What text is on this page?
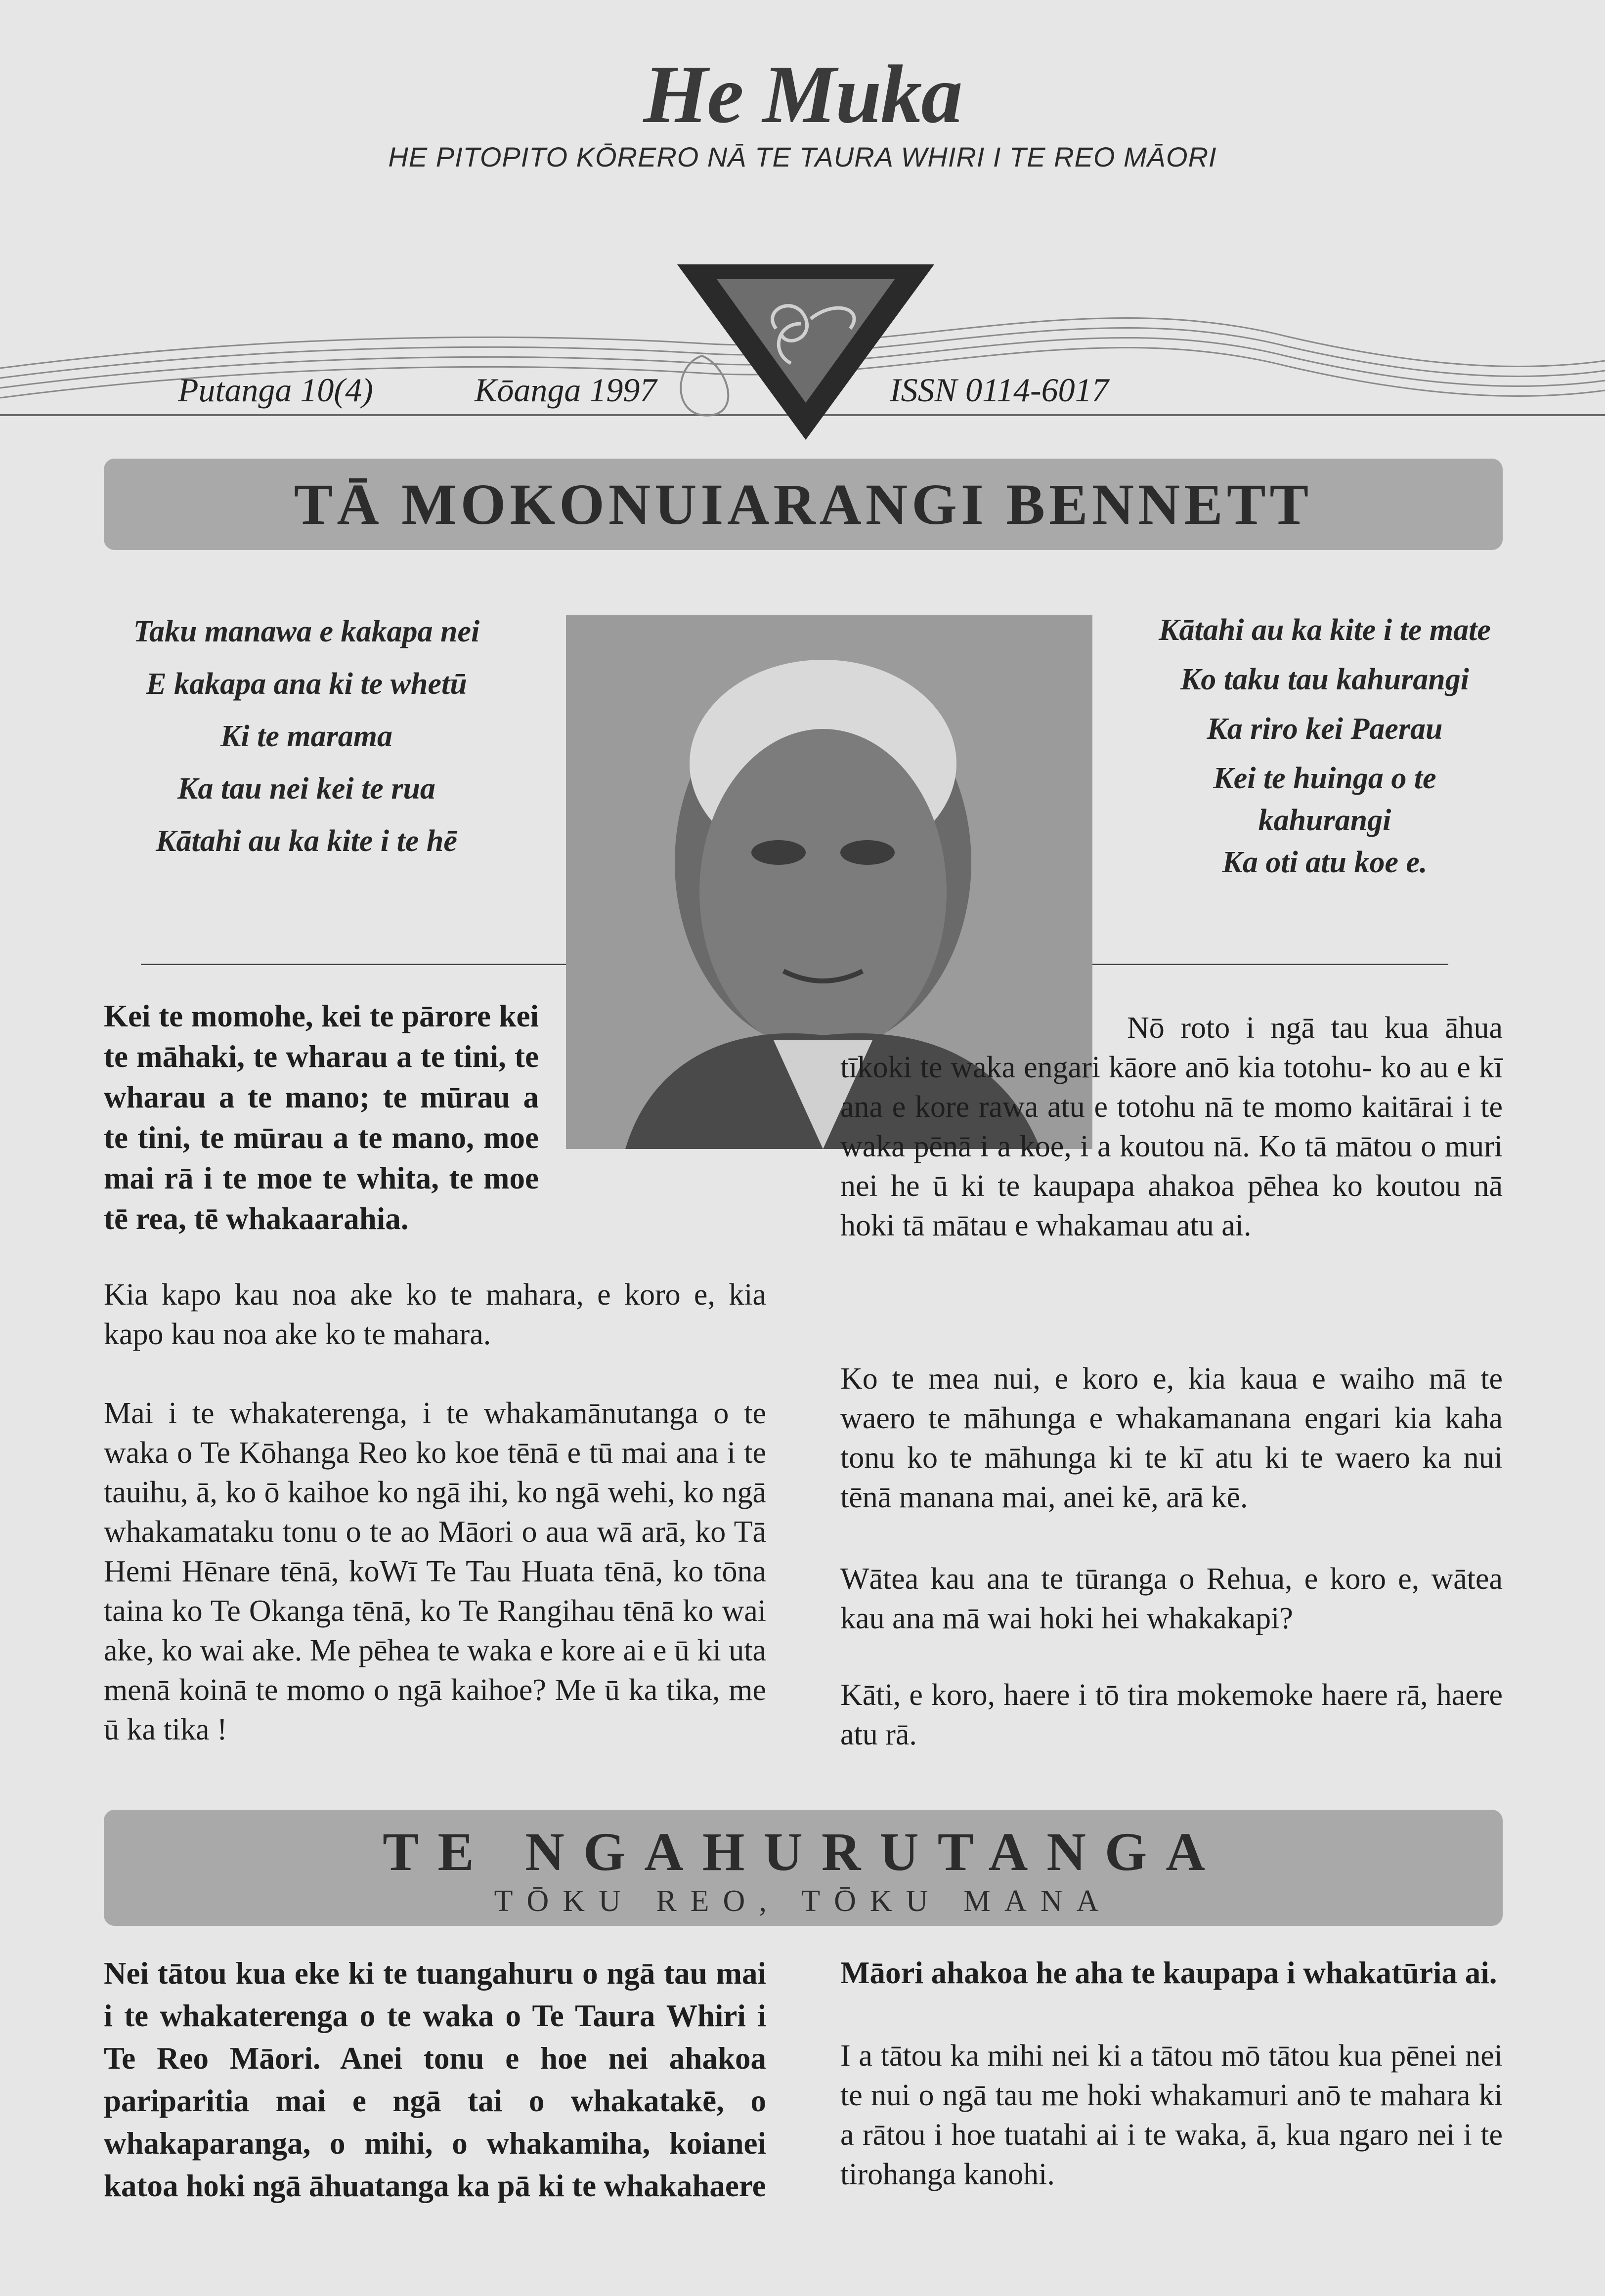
He Muka
HE PITOPITO KŌRERO NĀ TE TAURA WHIRI I TE REO MĀORI
Putanga 10(4)	Kōanga 1997	ISSN 0114-6017
TĀ MOKONUIARANGI BENNETT
Taku manawa e kakapa nei
E kakapa ana ki te whetū
Ki te marama
Ka tau nei kei te rua
Kātahi au ka kite i te hē
Kātahi au ka kite i te mate
Ko taku tau kahurangi
Ka riro kei Paerau
Kei te huinga o te
kahurangi
Ka oti atu koe e.
Kei te momohe, kei te pārore kei te māhaki, te wharau a te tini, te wharau a te mano; te mūrau a te tini, te mūrau a te mano, moe mai rā i te moe te whita, te moe tē rea, tē whakaarahia.
Kia kapo kau noa ake ko te mahara, e koro e, kia kapo kau noa ake ko te mahara.
Mai i te whakaterenga, i te whakamānutanga o te waka o Te Kōhanga Reo ko koe tēnā e tū mai ana i te tauihu, ā, ko ō kaihoe ko ngā ihi, ko ngā wehi, ko ngā whakamataku tonu o te ao Māori o aua wā arā, ko Tā Hemi Hēnare tēnā, koWī Te Tau Huata tēnā, ko tōna taina ko Te Okanga tēnā, ko Te Rangihau tēnā ko wai ake, ko wai ake. Me pēhea te waka e kore ai e ū ki uta menā koinā te momo o ngā kaihoe? Me ū ka tika, me ū ka tika !
Nō roto i ngā tau kua āhua tīkoki te waka engari kāore anō kia totohu- ko au e kī ana e kore rawa atu e totohu nā te momo kaitārai i te waka pēnā i a koe, i a koutou nā. Ko tā mātou o muri nei he ū ki te kaupapa ahakoa pēhea ko koutou nā hoki tā mātau e whakamau atu ai.
Ko te mea nui, e koro e, kia kaua e waiho mā te waero te māhunga e whakamanana engari kia kaha tonu ko te māhunga ki te kī atu ki te waero ka nui tēnā manana mai, anei kē, arā kē.
Wātea kau ana te tūranga o Rehua, e koro e, wātea kau ana mā wai hoki hei whakakapi?
Kāti, e koro, haere i tō tira mokemoke haere rā, haere atu rā.
TE NGAHURUTANGA
TŌKU REO, TŌKU MANA
Nei tātou kua eke ki te tuangahuru o ngā tau mai i te whakaterenga o te waka o Te Taura Whiri i Te Reo Māori. Anei tonu e hoe nei ahakoa pariparitia mai e ngā tai o whakatakē, o whakaparanga, o mihi, o whakamiha, koianei katoa hoki ngā āhuatanga ka pā ki te whakahaere
Māori ahakoa he aha te kaupapa i whakatūria ai.
I a tātou ka mihi nei ki a tātou mō tātou kua pēnei nei te nui o ngā tau me hoki whakamuri anō te mahara ki a rātou i hoe tuatahi ai i te waka, ā, kua ngaro nei i te tirohanga kanohi.
